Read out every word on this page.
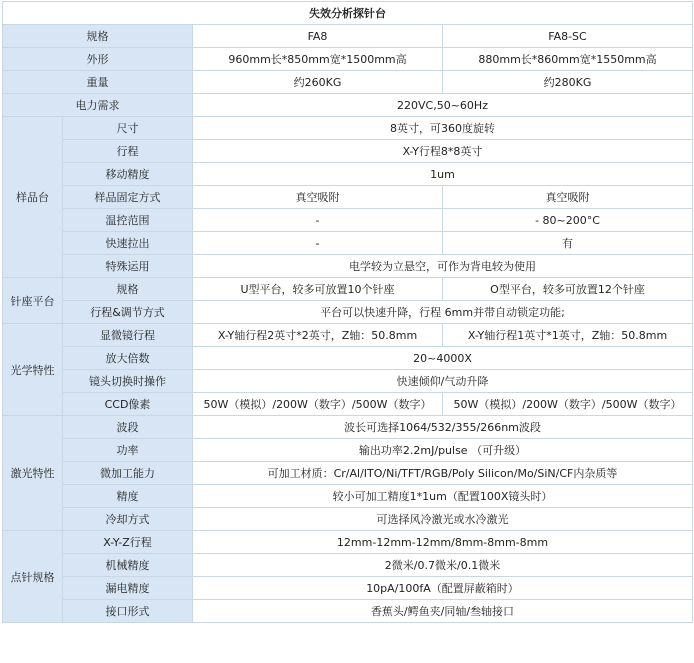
失效分析探针台			
规格		FA8	FA8-SC
外形		960mm长*850mm宽*1500mm高	880mm长*860mm宽*1550mm高
重量		约260KG	约280KG
电力需求		220VC,50~60Hz	
样品台	尺寸	8英寸，可360度旋转	
	行程	X-Y行程8*8英寸	
	移动精度	1um	
	样品固定方式	真空吸附	真空吸附
	温控范围	-	- 80~200°C
	快速拉出	-	有
	特殊运用	电学较为立悬空，可作为背电较为使用	
针座平台	规格	U型平台，较多可放置10个针座	O型平台，较多可放置12个针座
	行程&调节方式	平台可以快速升降，行程 6mm并带自动锁定功能;	
光学特性	显微镜行程	X-Y轴行程2英寸*2英寸，Z轴：50.8mm	X-Y轴行程1英寸*1英寸，Z轴：50.8mm
	放大倍数	20~4000X	
	镜头切换时操作	快速倾仰/气动升降	
	CCD像素	50W（模拟）/200W（数字）/500W（数字）	50W（模拟）/200W（数字）/500W（数字）
激光特性	波段	波长可选择1064/532/355/266nm波段	
	功率	输出功率2.2mJ/pulse （可升级）	
	微加工能力	可加工材质：Cr/Al/ITO/Ni/TFT/RGB/Poly Silicon/Mo/SiN/CF内杂质等	
	精度	较小可加工精度1*1um（配置100X镜头时）	
	冷却方式	可选择风冷激光或水冷激光	
点针规格	X-Y-Z行程	12mm-12mm-12mm/8mm-8mm-8mm	
	机械精度	2微米/0.7微米/0.1微米	
	漏电精度	10pA/100fA（配置屏蔽箱时）	
	接口形式	香蕉头/鳄鱼夹/同轴/叁轴接口	
